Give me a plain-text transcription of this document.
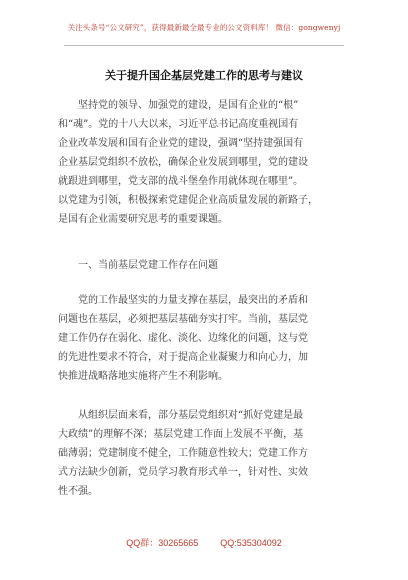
关注头条号“公文研究”，获得最新最全最专业的公文资料库！ 微信：gongwenyj
关于提升国企基层党建工作的思考与建议
坚持党的领导、加强党的建设，是国有企业的“根”
和“魂”。党的十八大以来，习近平总书记高度重视国有
企业改革发展和国有企业党的建设，强调“坚持建强国有
企业基层党组织不放松，确保企业发展到哪里，党的建设
就跟进到哪里，党支部的战斗堡垒作用就体现在哪里”。
以党建为引领，积极探索党建促企业高质量发展的新路子，
是国有企业需要研究思考的重要课题。
一、当前基层党建工作存在问题
党的工作最坚实的力量支撑在基层，最突出的矛盾和
问题也在基层，必须把基层基础夯实打牢。当前，基层党
建工作仍存在弱化、虚化、淡化、边缘化的问题，这与党
的先进性要求不符合，对于提高企业凝聚力和向心力，加
快推进战略落地实施将产生不利影响。
从组织层面来看，部分基层党组织对“抓好党建是最
大政绩”的理解不深；基层党建工作面上发展不平衡，基
础薄弱；党建制度不健全，工作随意性较大；党建工作方
式方法缺少创新，党员学习教育形式单一，针对性、实效
性不强。
QQ群：30265665 QQ:535304092
